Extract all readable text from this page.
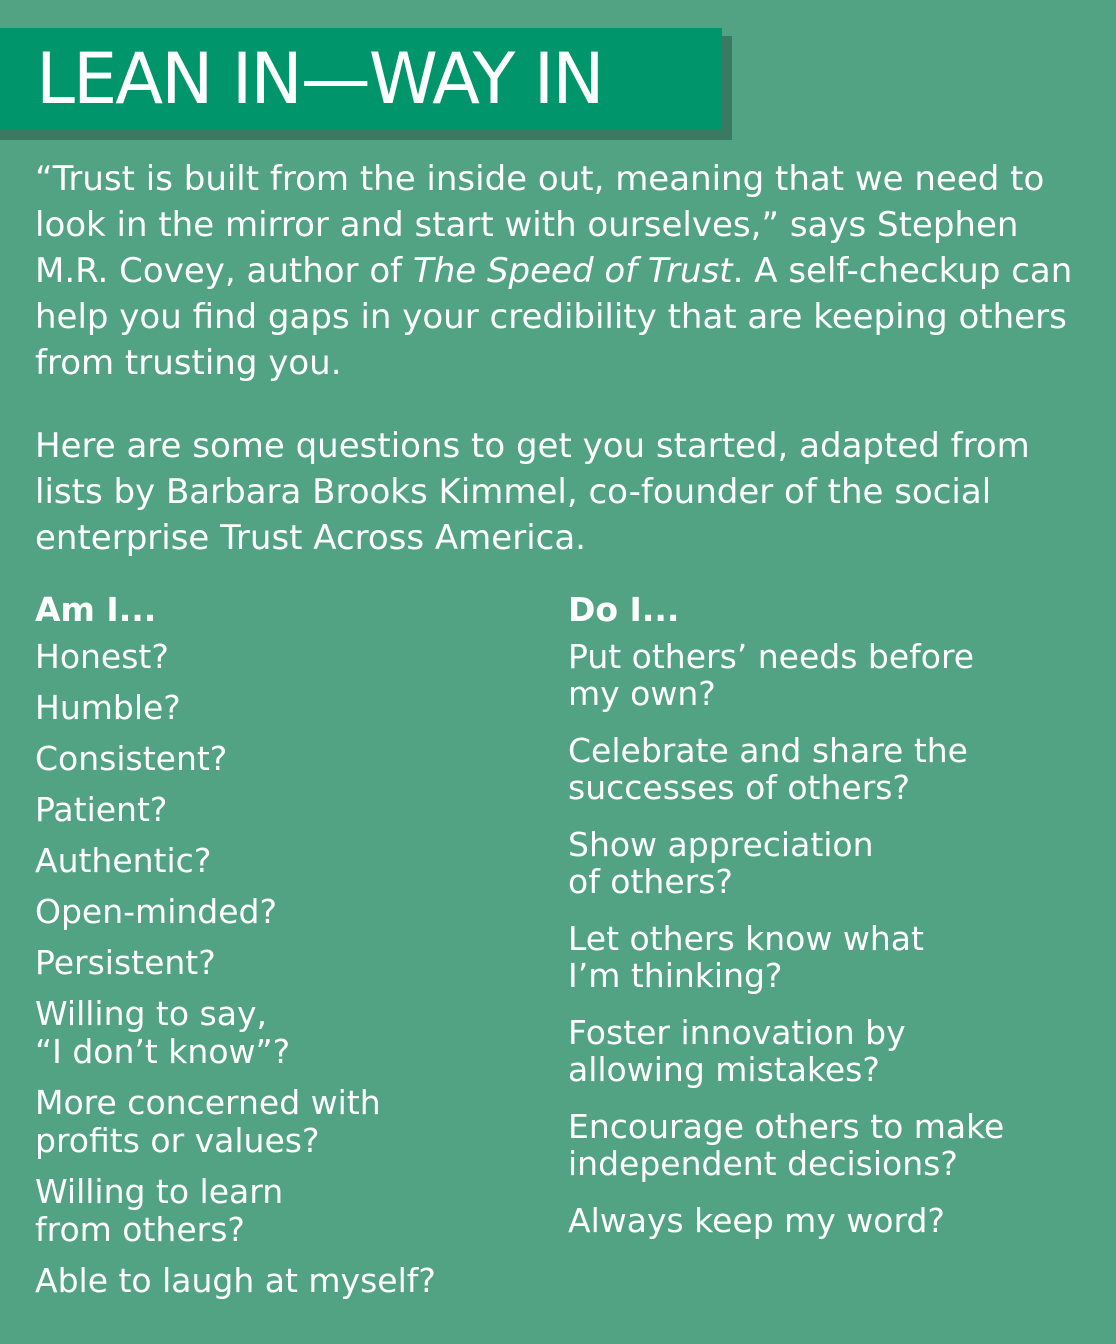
LEAN IN—WAY IN

“Trust is built from the inside out, meaning that we need to look in the mirror and start with ourselves,” says Stephen M.R. Covey, author of The Speed of Trust. A self-checkup can help you find gaps in your credibility that are keeping others from trusting you.

Here are some questions to get you started, adapted from lists by Barbara Brooks Kimmel, co-founder of the social enterprise Trust Across America.

Am I...
Honest?
Humble?
Consistent?
Patient?
Authentic?
Open-minded?
Persistent?
Willing to say,
“I don’t know”?
More concerned with
profits or values?
Willing to learn
from others?
Able to laugh at myself?
Do I...
Put others’ needs before
my own?
Celebrate and share the
successes of others?
Show appreciation
of others?
Let others know what
I’m thinking?
Foster innovation by
allowing mistakes?
Encourage others to make
independent decisions?
Always keep my word?
